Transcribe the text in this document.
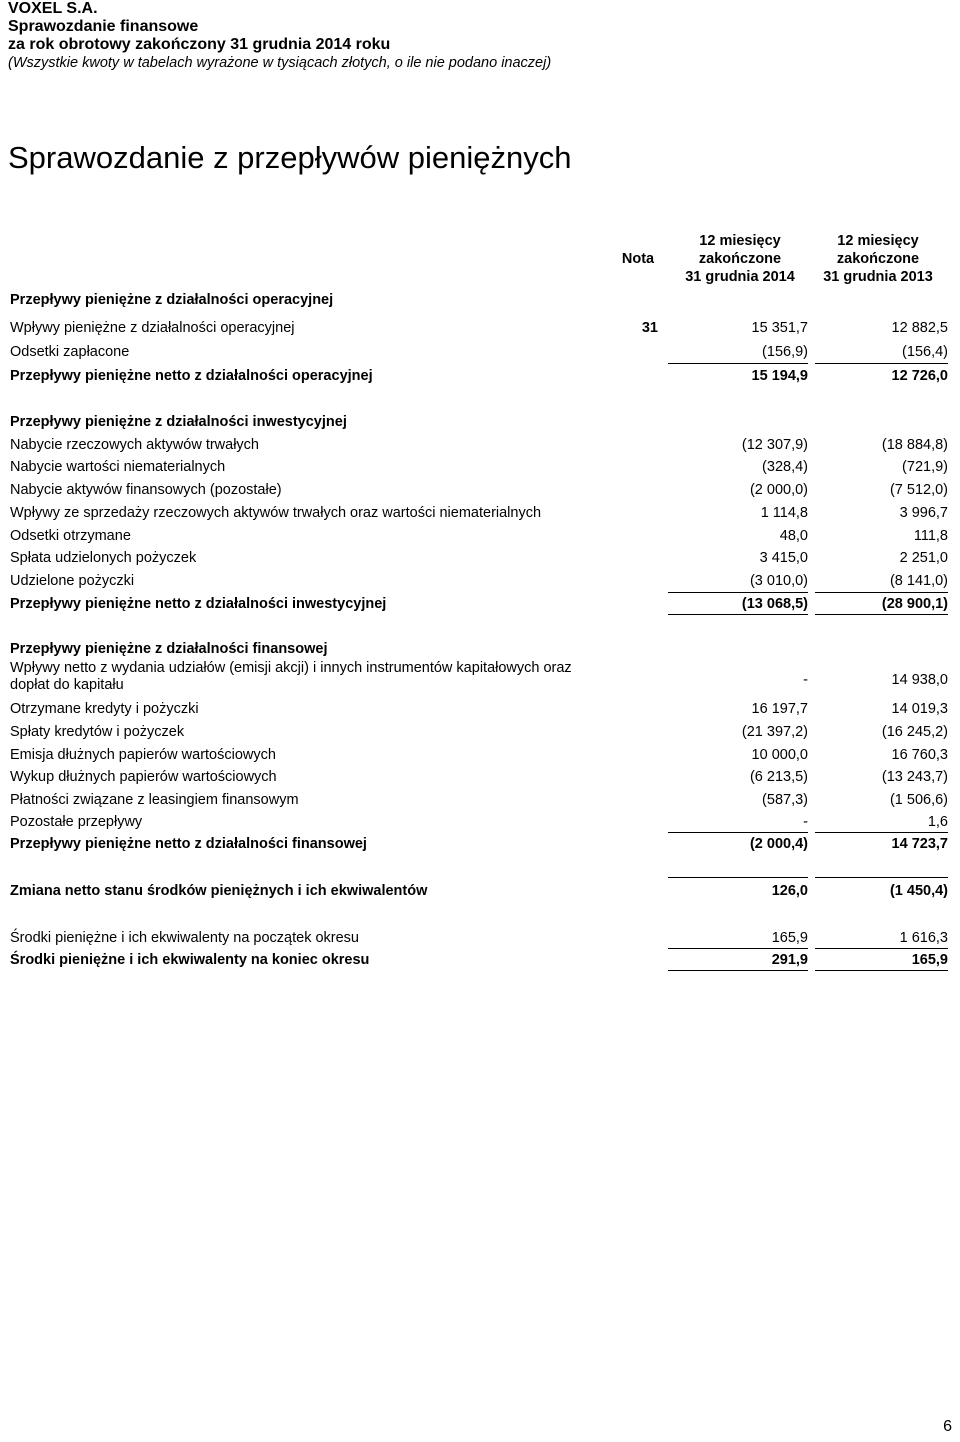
VOXEL S.A.
Sprawozdanie finansowe
za rok obrotowy zakończony 31 grudnia 2014 roku
(Wszystkie kwoty w tabelach wyrażone w tysiącach złotych, o ile nie podano inaczej)
Sprawozdanie z przepływów pieniężnych
Nota
12 miesięcy
zakończone
31 grudnia 2014
12 miesięcy
zakończone
31 grudnia 2013
Przepływy pieniężne z działalności operacyjnej
Wpływy pieniężne z działalności operacyjnej	31	15 351,7	12 882,5
Odsetki zapłacone	(156,9)	(156,4)
Przepływy pieniężne netto z działalności operacyjnej	15 194,9	12 726,0
Przepływy pieniężne z działalności inwestycyjnej
Nabycie rzeczowych aktywów trwałych	(12 307,9)	(18 884,8)
Nabycie wartości niematerialnych	(328,4)	(721,9)
Nabycie aktywów finansowych (pozostałe)	(2 000,0)	(7 512,0)
Wpływy ze sprzedaży rzeczowych aktywów trwałych oraz wartości niematerialnych	1 114,8	3 996,7
Odsetki otrzymane	48,0	111,8
Spłata udzielonych pożyczek	3 415,0	2 251,0
Udzielone pożyczki	(3 010,0)	(8 141,0)
Przepływy pieniężne netto z działalności inwestycyjnej	(13 068,5)	(28 900,1)
Przepływy pieniężne z działalności finansowej
Wpływy netto z wydania udziałów (emisji akcji) i innych instrumentów kapitałowych oraz
dopłat do kapitału	-	14 938,0
Otrzymane kredyty i pożyczki	16 197,7	14 019,3
Spłaty kredytów i pożyczek	(21 397,2)	(16 245,2)
Emisja dłużnych papierów wartościowych	10 000,0	16 760,3
Wykup dłużnych papierów wartościowych	(6 213,5)	(13 243,7)
Płatności związane z leasingiem finansowym	(587,3)	(1 506,6)
Pozostałe przepływy	-	1,6
Przepływy pieniężne netto z działalności finansowej	(2 000,4)	14 723,7
Zmiana netto stanu środków pieniężnych i ich ekwiwalentów	126,0	(1 450,4)
Środki pieniężne i ich ekwiwalenty na początek okresu	165,9	1 616,3
Środki pieniężne i ich ekwiwalenty na koniec okresu	291,9	165,9
6
